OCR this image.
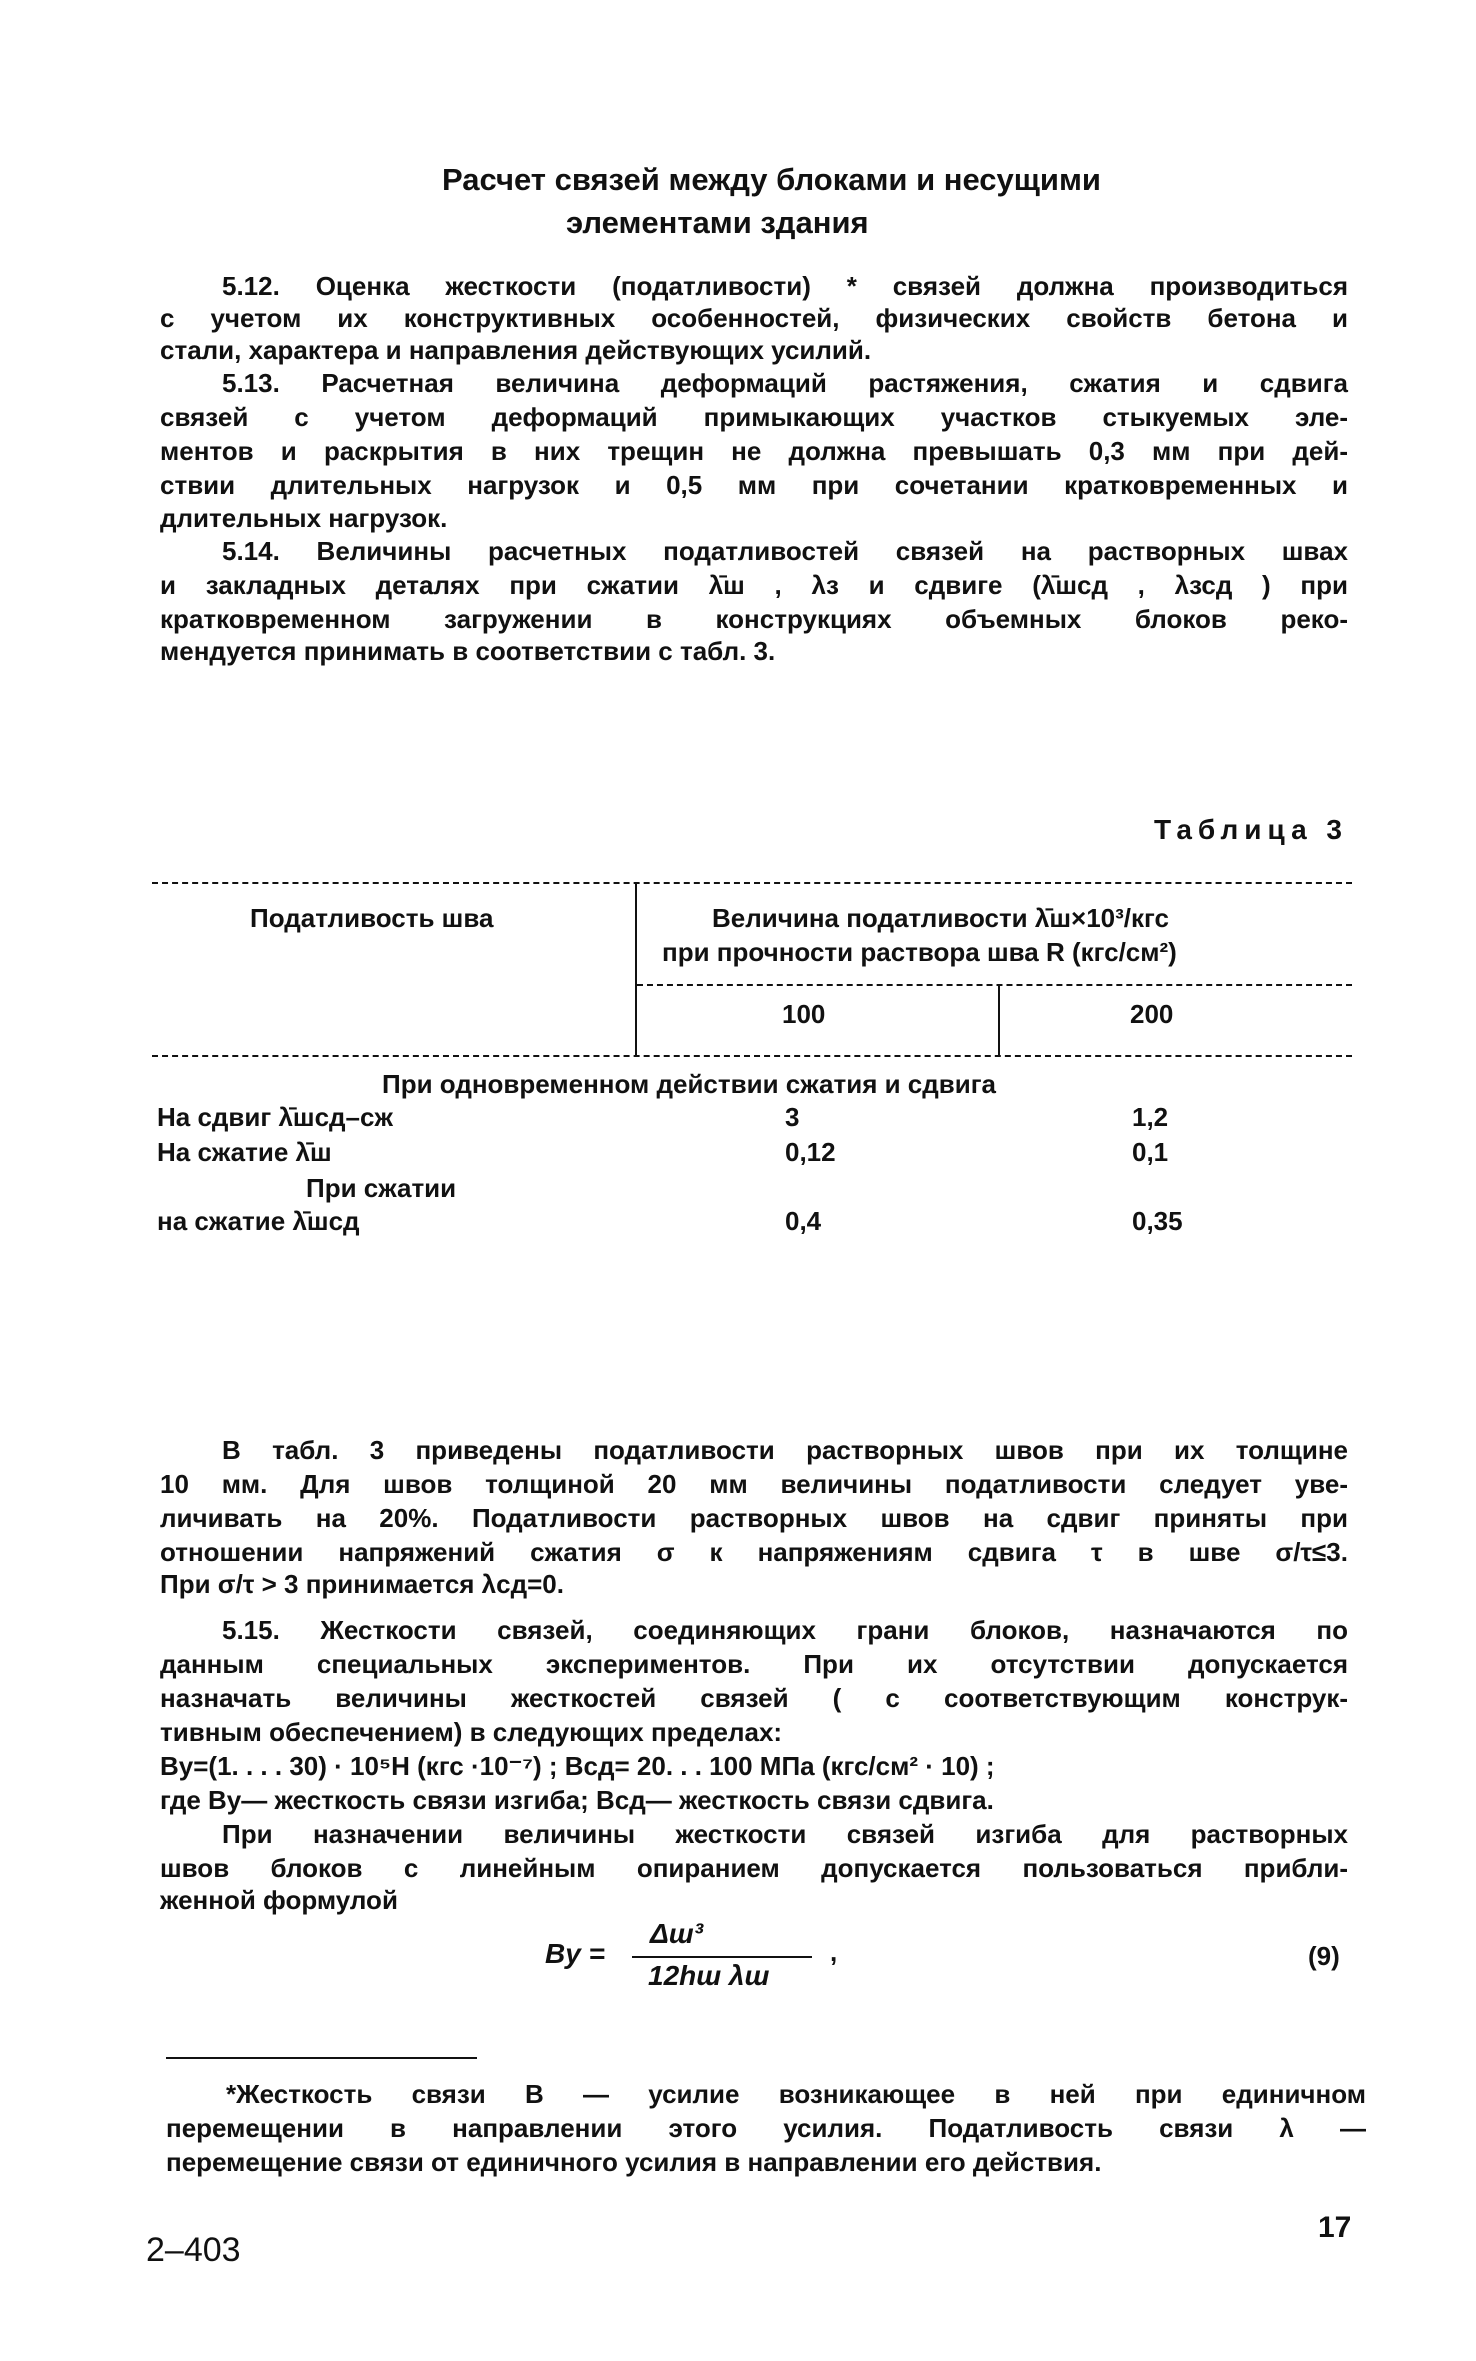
Расчет связей между блоками и несущими
элементами здания
5.12. Оценка жесткости (податливости) * связей должна производиться
с учетом их конструктивных особенностей, физических свойств бетона и
стали, характера и направления действующих усилий.
5.13. Расчетная величина деформаций растяжения, сжатия и сдвига
связей с учетом деформаций примыкающих участков стыкуемых эле-
ментов и раскрытия в них трещин не должна превышать 0,3 мм при дей-
ствии длительных нагрузок и 0,5 мм при сочетании кратковременных и
длительных нагрузок.
5.14. Величины расчетных податливостей связей на растворных швах
и закладных деталях при сжатии λ̄ш , λз и сдвиге (λ̄шсд , λзсд ) при
кратковременном загружении в конструкциях объемных блоков реко-
мендуется принимать в соответствии с табл. 3.
Таблица 3
Податливость шва	Величина податливости λ̄ш×10³/кгс
при прочности раствора шва R (кгс/см²)
100	200
При одновременном действии сжатия и сдвига
На сдвиг λ̄шсд–сж	3	1,2
На сжатие λ̄ш	0,12	0,1
При сжатии
на сжатие λ̄шсд	0,4	0,35
В табл. 3 приведены податливости растворных швов при их толщине
10 мм. Для швов толщиной 20 мм величины податливости следует уве-
личивать на 20%. Податливости растворных швов на сдвиг приняты при
отношении напряжений сжатия σ к напряжениям сдвига τ в шве σ/τ≤3.
При σ/τ > 3 принимается λсд=0.
5.15. Жесткости связей, соединяющих грани блоков, назначаются по
данным специальных экспериментов. При их отсутствии допускается
назначать величины жесткостей связей ( с соответствующим конструк-
тивным обеспечением) в следующих пределах:
Bу=(1. . . . 30) · 10⁵Н (кгс ·10⁻⁷) ; Bсд= 20. . . 100 МПа (кгс/см² · 10) ;
где Bу— жесткость связи изгиба; Bсд— жесткость связи сдвига.
При назначении величины жесткости связей изгиба для растворных
швов блоков с линейным опиранием допускается пользоваться прибли-
женной формулой
Bу =
Δш³
12hш λш
,	(9)
*Жесткость связи B — усилие возникающее в ней при единичном
перемещении в направлении этого усилия. Податливость связи λ —
перемещение связи от единичного усилия в направлении его действия.
17
2–403
